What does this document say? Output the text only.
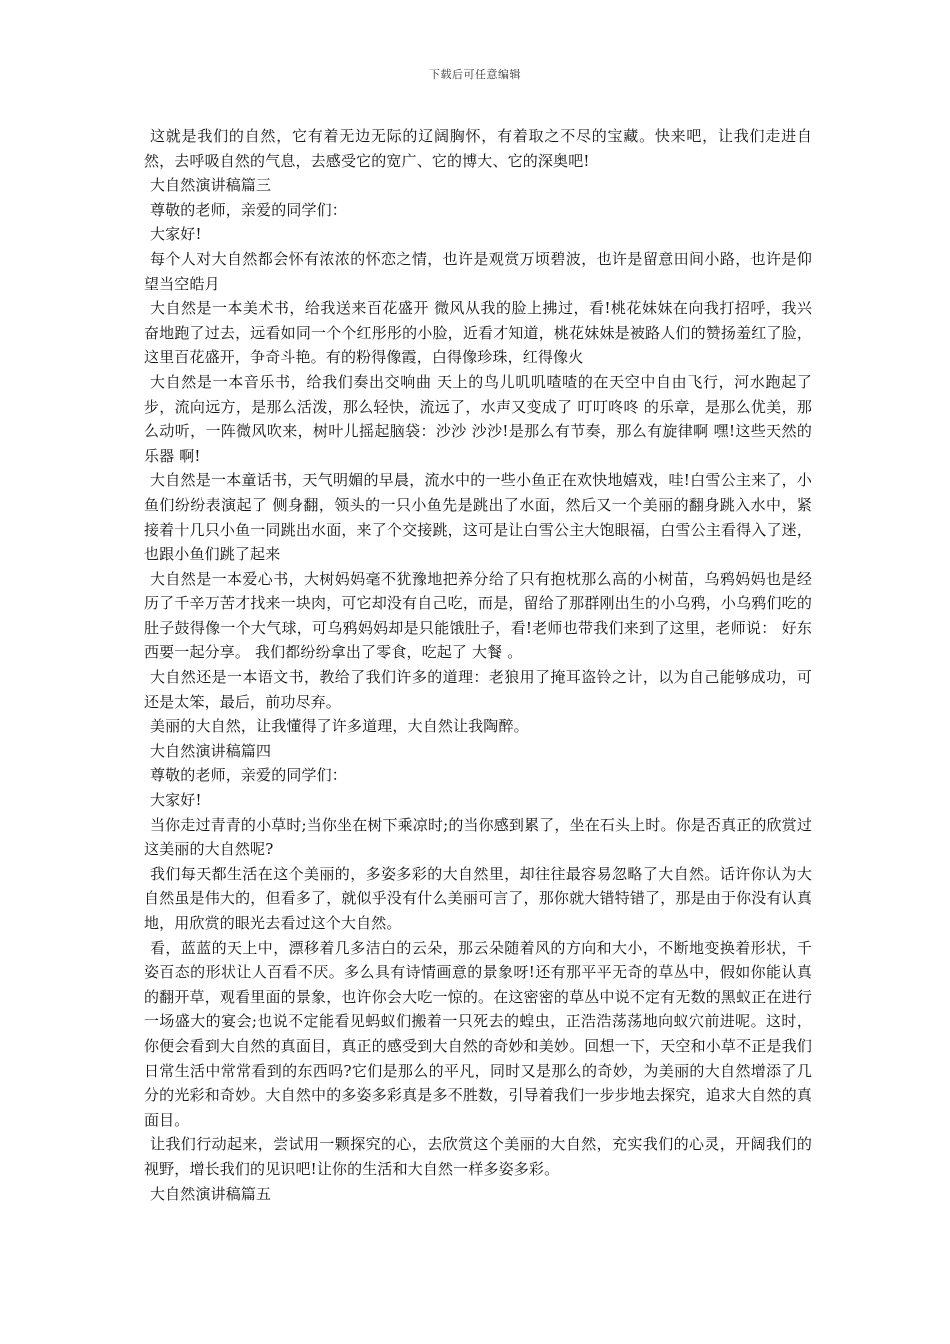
下载后可任意编辑

这就是我们的自然，它有着无边无际的辽阔胸怀，有着取之不尽的宝藏。快来吧，让我们走进自然，去呼吸自然的气息，去感受它的宽广、它的博大、它的深奥吧!

大自然演讲稿篇三

尊敬的老师，亲爱的同学们：

大家好!

每个人对大自然都会怀有浓浓的怀恋之情，也许是观赏万顷碧波，也许是留意田间小路，也许是仰望当空皓月

大自然是一本美术书，给我送来百花盛开 微风从我的脸上拂过，看!桃花妹妹在向我打招呼，我兴奋地跑了过去，远看如同一个个红彤彤的小脸，近看才知道，桃花妹妹是被路人们的赞扬羞红了脸，这里百花盛开，争奇斗艳。有的粉得像霞，白得像珍珠，红得像火

大自然是一本音乐书，给我们奏出交响曲 天上的鸟儿叽叽喳喳的在天空中自由飞行，河水跑起了步，流向远方，是那么活泼，那么轻快，流远了，水声又变成了 叮叮咚咚 的乐章，是那么优美，那么动听，一阵微风吹来，树叶儿摇起脑袋：沙沙 沙沙!是那么有节奏，那么有旋律啊 嘿!这些天然的 乐器 啊!

大自然是一本童话书，天气明媚的早晨，流水中的一些小鱼正在欢快地嬉戏，哇!白雪公主来了，小鱼们纷纷表演起了 侧身翻，领头的一只小鱼先是跳出了水面，然后又一个美丽的翻身跳入水中，紧接着十几只小鱼一同跳出水面，来了个交接跳，这可是让白雪公主大饱眼福，白雪公主看得入了迷，也跟小鱼们跳了起来

大自然是一本爱心书，大树妈妈毫不犹豫地把养分给了只有抱枕那么高的小树苗，乌鸦妈妈也是经历了千辛万苦才找来一块肉，可它却没有自己吃，而是，留给了那群刚出生的小乌鸦，小乌鸦们吃的肚子鼓得像一个大气球，可乌鸦妈妈却是只能饿肚子，看!老师也带我们来到了这里，老师说： 好东西要一起分享。 我们都纷纷拿出了零食，吃起了 大餐 。

大自然还是一本语文书，教给了我们许多的道理：老狼用了掩耳盗铃之计，以为自己能够成功，可还是太笨，最后，前功尽弃。

美丽的大自然，让我懂得了许多道理，大自然让我陶醉。

大自然演讲稿篇四

尊敬的老师，亲爱的同学们：

大家好!

当你走过青青的小草时;当你坐在树下乘凉时;的当你感到累了，坐在石头上时。你是否真正的欣赏过这美丽的大自然呢?

我们每天都生活在这个美丽的，多姿多彩的大自然里，却往往最容易忽略了大自然。话许你认为大自然虽是伟大的，但看多了，就似乎没有什么美丽可言了，那你就大错特错了，那是由于你没有认真地，用欣赏的眼光去看过这个大自然。

看，蓝蓝的天上中，漂移着几多洁白的云朵，那云朵随着风的方向和大小，不断地变换着形状，千姿百态的形状让人百看不厌。多么具有诗情画意的景象呀!还有那平平无奇的草丛中，假如你能认真的翻开草，观看里面的景象，也许你会大吃一惊的。在这密密的草丛中说不定有无数的黑蚁正在进行一场盛大的宴会;也说不定能看见蚂蚁们搬着一只死去的蝗虫，正浩浩荡荡地向蚁穴前进呢。这时，你便会看到大自然的真面目，真正的感受到大自然的奇妙和美妙。回想一下，天空和小草不正是我们日常生活中常常看到的东西吗?它们是那么的平凡，同时又是那么的奇妙，为美丽的大自然增添了几分的光彩和奇妙。大自然中的多姿多彩真是多不胜数，引导着我们一步步地去探究，追求大自然的真面目。

让我们行动起来，尝试用一颗探究的心，去欣赏这个美丽的大自然，充实我们的心灵，开阔我们的视野，增长我们的见识吧!让你的生活和大自然一样多姿多彩。

大自然演讲稿篇五
